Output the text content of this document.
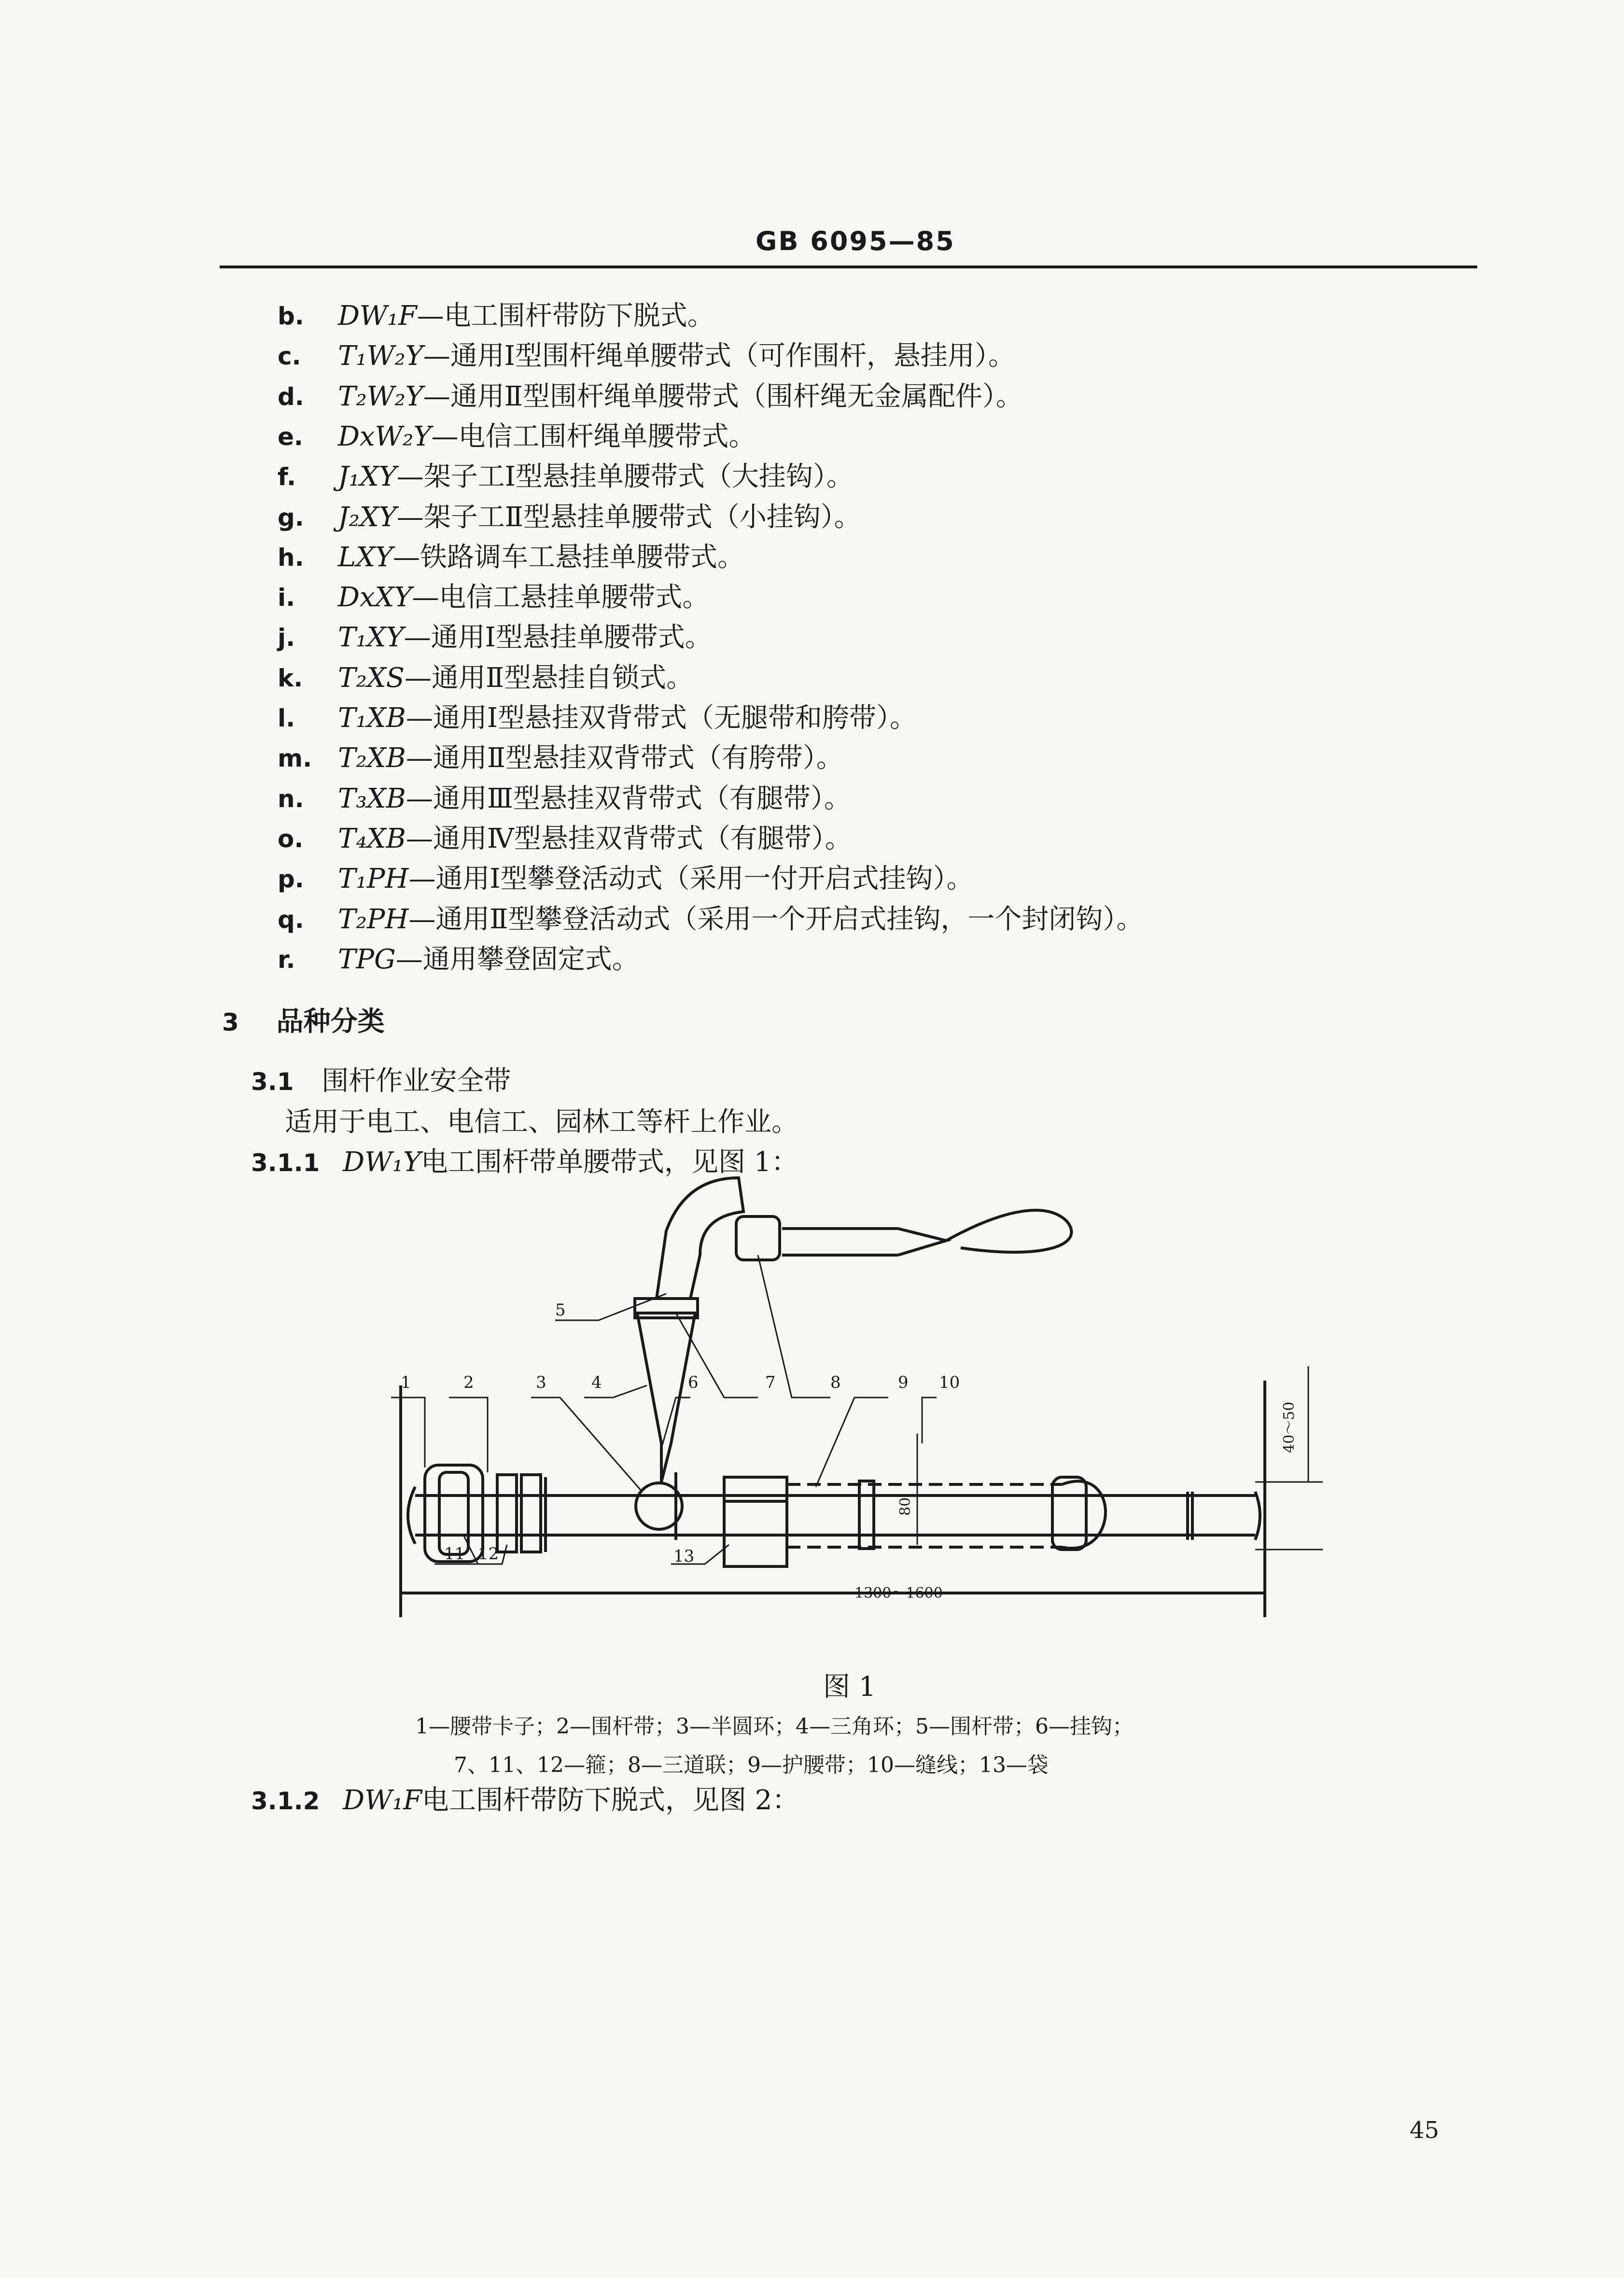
GB 6095—85
b.	DW₁F—电工围杆带防下脱式。
c.	T₁W₂Y—通用Ⅰ型围杆绳单腰带式（可作围杆，悬挂用）。
d.	T₂W₂Y—通用Ⅱ型围杆绳单腰带式（围杆绳无金属配件）。
e.	DxW₂Y—电信工围杆绳单腰带式。
f.	J₁XY—架子工Ⅰ型悬挂单腰带式（大挂钩）。
g.	J₂XY—架子工Ⅱ型悬挂单腰带式（小挂钩）。
h.	LXY—铁路调车工悬挂单腰带式。
i.	DxXY—电信工悬挂单腰带式。
j.	T₁XY—通用Ⅰ型悬挂单腰带式。
k.	T₂XS—通用Ⅱ型悬挂自锁式。
l.	T₁XB—通用Ⅰ型悬挂双背带式（无腿带和胯带）。
m. T₂XB—通用Ⅱ型悬挂双背带式（有胯带）。
n.	T₃XB—通用Ⅲ型悬挂双背带式（有腿带）。
o.	T₄XB—通用Ⅳ型悬挂双背带式（有腿带）。
p.	T₁PH—通用Ⅰ型攀登活动式（采用一付开启式挂钩）。
q.	T₂PH—通用Ⅱ型攀登活动式（采用一个开启式挂钩，一个封闭钩）。
r.	TPG—通用攀登固定式。
3 品种分类
3.1 围杆作业安全带
适用于电工、电信工、园林工等杆上作业。
3.1.1 DW₁Y电工围杆带单腰带式，见图 1：
1	2	3	4
5
6	7	8	9 10
11 12	13
1300～1600
80
40～50
图 1
1—腰带卡子；2—围杆带；3—半圆环；4—三角环；5—围杆带；6—挂钩；
7、11、12—箍；8—三道联；9—护腰带；10—缝线；13—袋
3.1.2 DW₁F电工围杆带防下脱式，见图 2：
45
